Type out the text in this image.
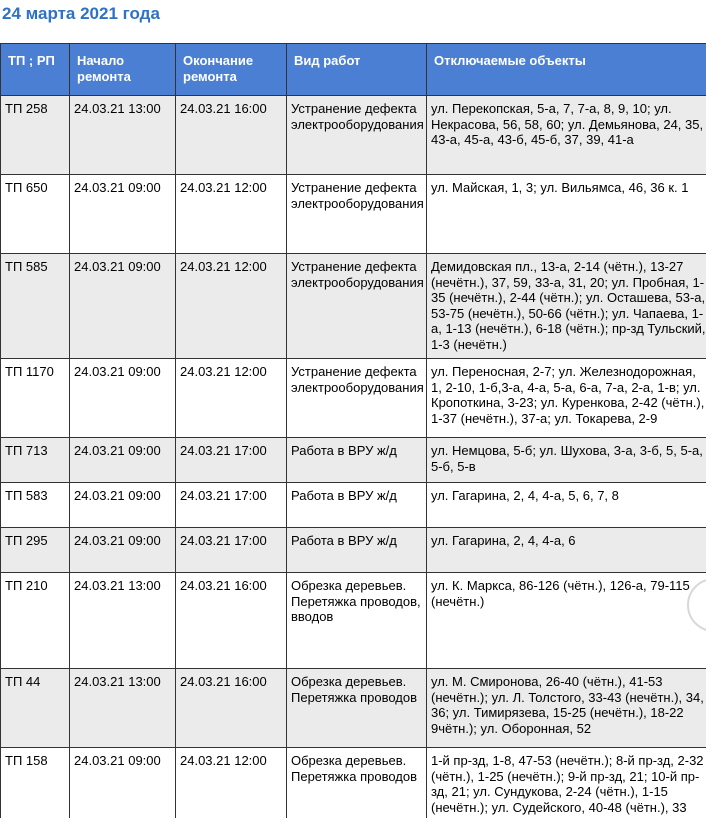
24 марта 2021 года
ТП ; РП	Начало ремонта	Окончание ремонта	Вид работ	Отключаемые объекты
ТП 258	24.03.21 13:00	24.03.21 16:00	Устранение дефекта электрооборудования	ул. Перекопская, 5-а, 7, 7-а, 8, 9, 10; ул. Некрасова, 56, 58, 60; ул. Демьянова, 24, 35, 43-а, 45-а, 43-б, 45-б, 37, 39, 41-а
ТП 650	24.03.21 09:00	24.03.21 12:00	Устранение дефекта электрооборудования	ул. Майская, 1, 3; ул. Вильямса, 46, 36 к. 1
ТП 585	24.03.21 09:00	24.03.21 12:00	Устранение дефекта электрооборудования	Демидовская пл., 13-а, 2-14 (чётн.), 13-27 (нечётн.), 37, 59, 33-а, 31, 20; ул. Пробная, 1-35 (нечётн.), 2-44 (чётн.); ул. Осташева, 53-а, 53-75 (нечётн.), 50-66 (чётн.); ул. Чапаева, 1-а, 1-13 (нечётн.), 6-18 (чётн.); пр-зд Тульский, 1-3 (нечётн.)
ТП 1170	24.03.21 09:00	24.03.21 12:00	Устранение дефекта электрооборудования	ул. Переносная, 2-7; ул. Железнодорожная, 1, 2-10, 1-б,3-а, 4-а, 5-а, 6-а, 7-а, 2-а, 1-в; ул. Кропоткина, 3-23; ул. Куренкова, 2-42 (чётн.), 1-37 (нечётн.), 37-а; ул. Токарева, 2-9
ТП 713	24.03.21 09:00	24.03.21 17:00	Работа в ВРУ ж/д	ул. Немцова, 5-б; ул. Шухова, 3-а, 3-б, 5, 5-а, 5-б, 5-в
ТП 583	24.03.21 09:00	24.03.21 17:00	Работа в ВРУ ж/д	ул. Гагарина, 2, 4, 4-а, 5, 6, 7, 8
ТП 295	24.03.21 09:00	24.03.21 17:00	Работа в ВРУ ж/д	ул. Гагарина, 2, 4, 4-а, 6
ТП 210	24.03.21 13:00	24.03.21 16:00	Обрезка деревьев. Перетяжка проводов, вводов	ул. К. Маркса, 86-126 (чётн.), 126-а, 79-115 (нечётн.)
ТП 44	24.03.21 13:00	24.03.21 16:00	Обрезка деревьев. Перетяжка проводов	ул. М. Смиронова, 26-40 (чётн.), 41-53 (нечётн.); ул. Л. Толстого, 33-43 (нечётн.), 34, 36; ул. Тимирязева, 15-25 (нечётн.), 18-22 9чётн.); ул. Оборонная, 52
ТП 158	24.03.21 09:00	24.03.21 12:00	Обрезка деревьев. Перетяжка проводов	1-й пр-зд, 1-8, 47-53 (нечётн.); 8-й пр-зд, 2-32 (чётн.), 1-25 (нечётн.); 9-й пр-зд, 21; 10-й пр-зд, 21; ул. Сундукова, 2-24 (чётн.), 1-15 (нечётн.); ул. Судейского, 40-48 (чётн.), 33
